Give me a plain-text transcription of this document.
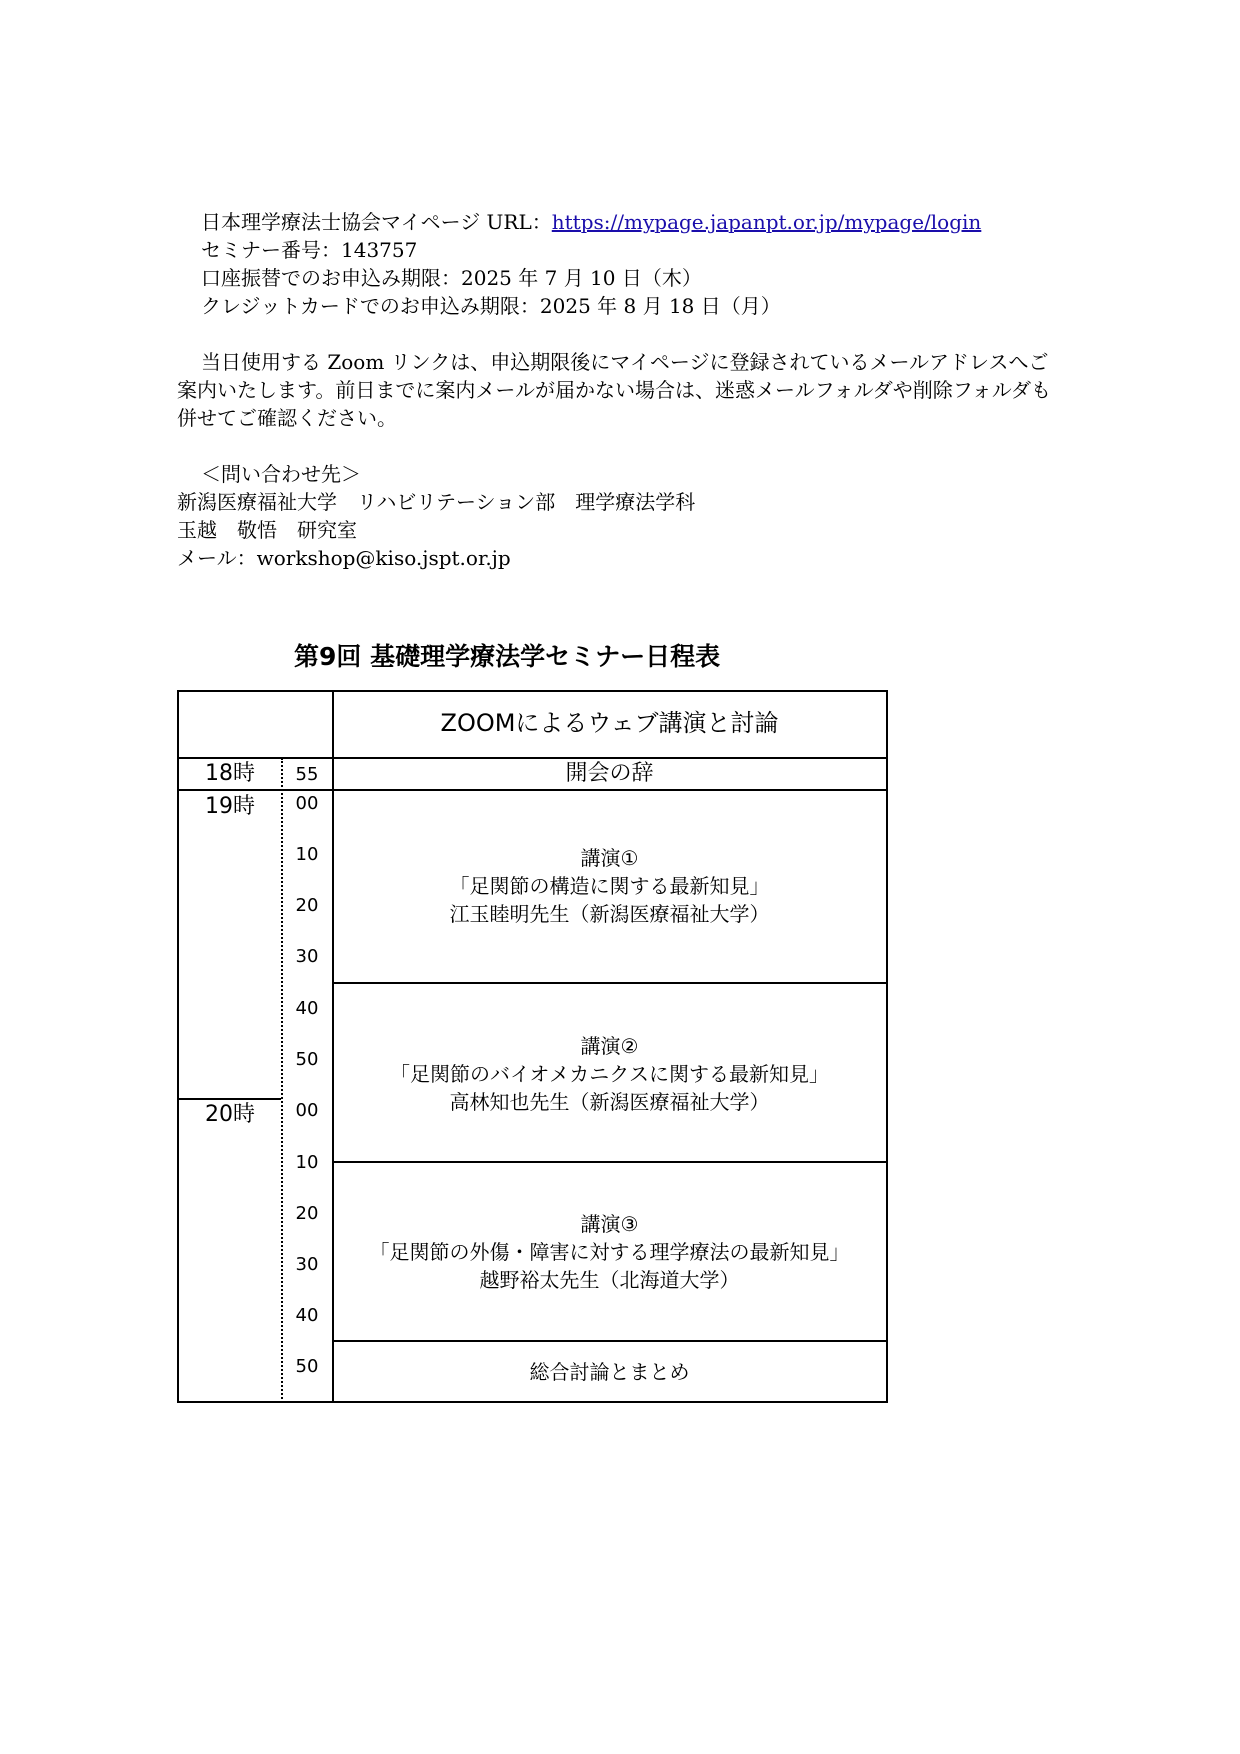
日本理学療法士協会マイページ URL：https://mypage.japanpt.or.jp/mypage/login
セミナー番号：143757
口座振替でのお申込み期限：2025 年 7 月 10 日（木）
クレジットカードでのお申込み期限：2025 年 8 月 18 日（月）
当日使用する Zoom リンクは、申込期限後にマイページに登録されているメールアドレスへご案内いたします。前日までに案内メールが届かない場合は、迷惑メールフォルダや削除フォルダも併せてご確認ください。
＜問い合わせ先＞
新潟医療福祉大学　リハビリテーション部　理学療法学科
玉越　敬悟　研究室
メール：workshop@kiso.jspt.or.jp
第9回 基礎理学療法学セミナー日程表
ZOOMによるウェブ講演と討論
18時
19時
20時
55
00
10
20
30
40
50
00
10
20
30
40
50
開会の辞
講演①
「足関節の構造に関する最新知見」
江玉睦明先生（新潟医療福祉大学）
講演②
「足関節のバイオメカニクスに関する最新知見」
高林知也先生（新潟医療福祉大学）
講演③
「足関節の外傷・障害に対する理学療法の最新知見」
越野裕太先生（北海道大学）
総合討論とまとめ
